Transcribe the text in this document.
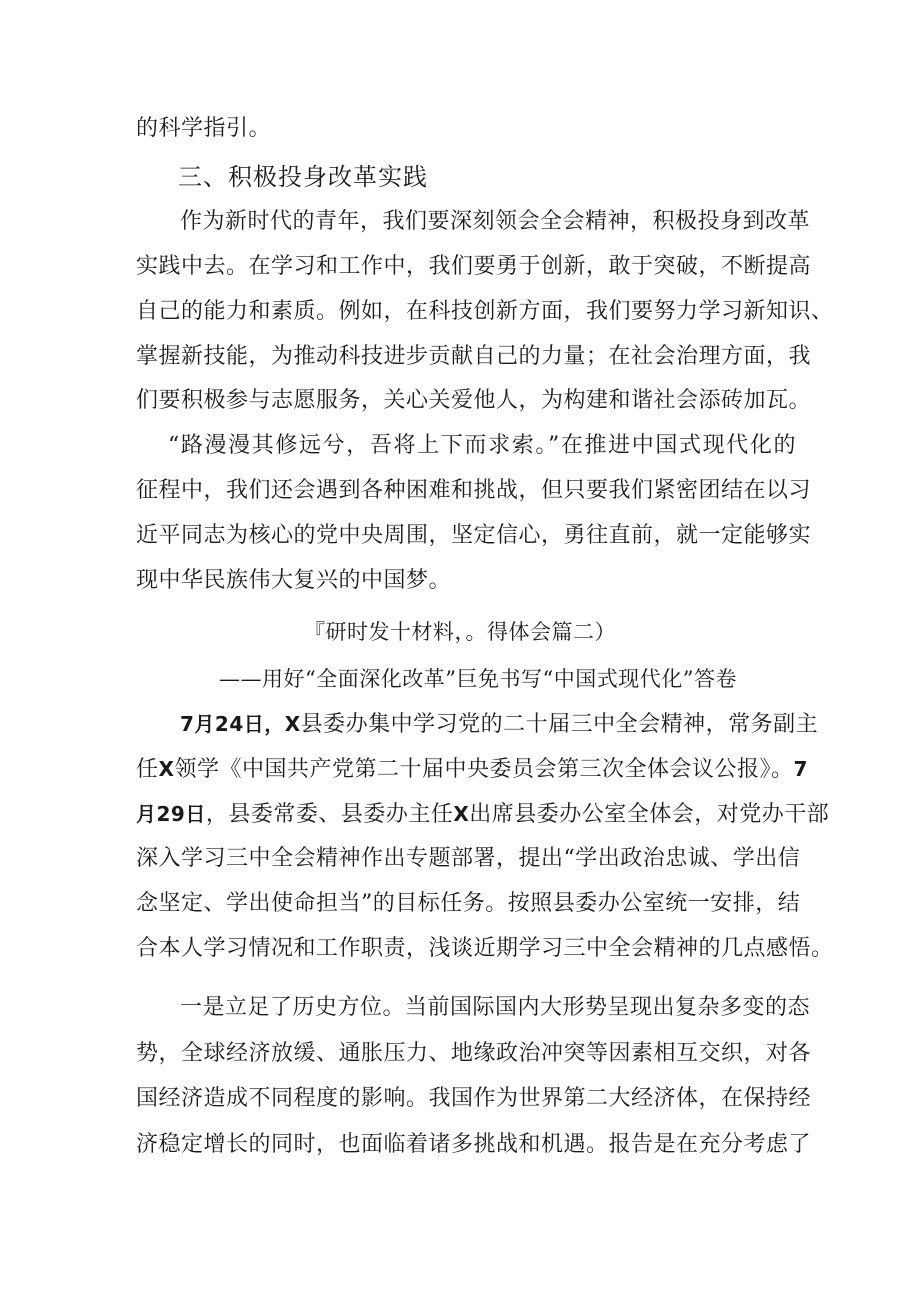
的科学指引。
三、积极投身改革实践
作为新时代的青年，我们要深刻领会全会精神，积极投身到改革
实践中去。在学习和工作中，我们要勇于创新，敢于突破，不断提高
自己的能力和素质。例如，在科技创新方面，我们要努力学习新知识、
掌握新技能，为推动科技进步贡献自己的力量；在社会治理方面，我
们要积极参与志愿服务，关心关爱他人，为构建和谐社会添砖加瓦。
“路漫漫其修远兮，吾将上下而求索。”在推进中国式现代化的
征程中，我们还会遇到各种困难和挑战，但只要我们紧密团结在以习
近平同志为核心的党中央周围，坚定信心，勇往直前，就一定能够实
现中华民族伟大复兴的中国梦。
『研时发十材料，。得体会篇二）
——用好“全面深化改革”巨免书写“中国式现代化”答卷
7月24日，X县委办集中学习党的二十届三中全会精神，常务副主
任X领学《中国共产党第二十届中央委员会第三次全体会议公报》。7
月29日，县委常委、县委办主任X出席县委办公室全体会，对党办干部
深入学习三中全会精神作出专题部署，提出“学出政治忠诚、学出信
念坚定、学出使命担当”的目标任务。按照县委办公室统一安排，结
合本人学习情况和工作职责，浅谈近期学习三中全会精神的几点感悟。
一是立足了历史方位。当前国际国内大形势呈现出复杂多变的态
势，全球经济放缓、通胀压力、地缘政治冲突等因素相互交织，对各
国经济造成不同程度的影响。我国作为世界第二大经济体，在保持经
济稳定增长的同时，也面临着诸多挑战和机遇。报告是在充分考虑了
